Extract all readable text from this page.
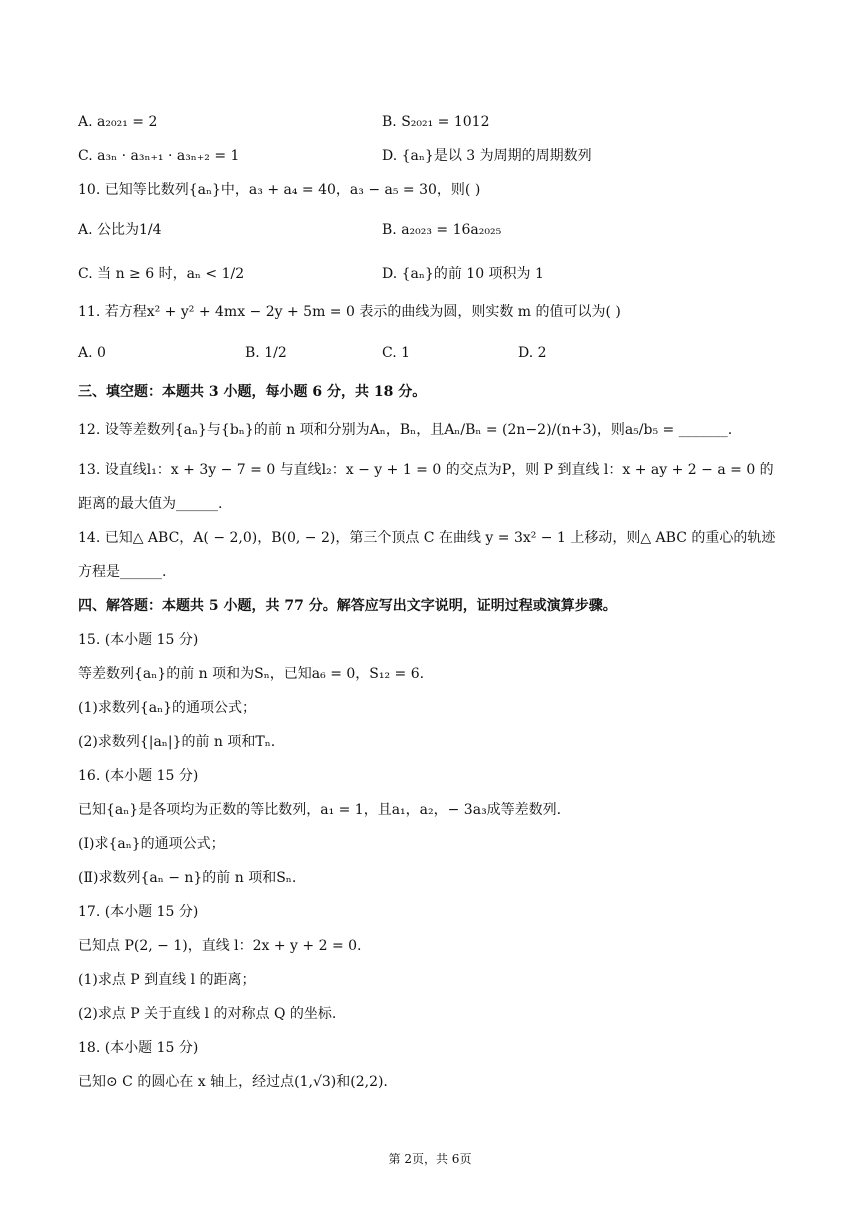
A. a₂₀₂₁ = 2	B. S₂₀₂₁ = 1012
C. a₃ₙ · a₃ₙ₊₁ · a₃ₙ₊₂ = 1	D. {aₙ}是以 3 为周期的周期数列
10. 已知等比数列{aₙ}中，a₃ + a₄ = 40，a₃ − a₅ = 30，则( )
A. 公比为1/4	B. a₂₀₂₃ = 16a₂₀₂₅
C. 当 n ≥ 6 时，aₙ < 1/2	D. {aₙ}的前 10 项积为 1
11. 若方程x² + y² + 4mx − 2y + 5m = 0 表示的曲线为圆，则实数 m 的值可以为( )
A. 0	B. 1/2	C. 1	D. 2
三、填空题：本题共 3 小题，每小题 6 分，共 18 分。
12. 设等差数列{aₙ}与{bₙ}的前 n 项和分别为Aₙ，Bₙ，且Aₙ/Bₙ = (2n−2)/(n+3)，则a₅/b₅ = _______.
13. 设直线l₁：x + 3y − 7 = 0 与直线l₂：x − y + 1 = 0 的交点为P，则 P 到直线 l：x + ay + 2 − a = 0 的
距离的最大值为______.
14. 已知△ ABC，A( − 2,0)，B(0, − 2)，第三个顶点 C 在曲线 y = 3x² − 1 上移动，则△ ABC 的重心的轨迹
方程是______.
四、解答题：本题共 5 小题，共 77 分。解答应写出文字说明，证明过程或演算步骤。
15. (本小题 15 分)
等差数列{aₙ}的前 n 项和为Sₙ，已知a₆ = 0，S₁₂ = 6.
(1)求数列{aₙ}的通项公式；
(2)求数列{|aₙ|}的前 n 项和Tₙ.
16. (本小题 15 分)
已知{aₙ}是各项均为正数的等比数列，a₁ = 1，且a₁，a₂，− 3a₃成等差数列.
(Ⅰ)求{aₙ}的通项公式；
(Ⅱ)求数列{aₙ − n}的前 n 项和Sₙ.
17. (本小题 15 分)
已知点 P(2, − 1)，直线 l：2x + y + 2 = 0.
(1)求点 P 到直线 l 的距离；
(2)求点 P 关于直线 l 的对称点 Q 的坐标.
18. (本小题 15 分)
已知⊙ C 的圆心在 x 轴上，经过点(1,√3)和(2,2).
第 2页，共 6页
